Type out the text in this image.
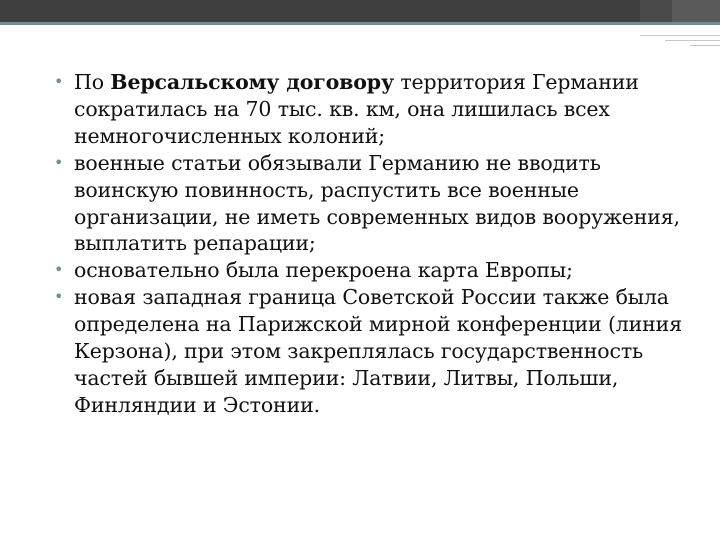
• По Версальскому договору территория Германии сократилась на 70 тыс. кв. км, она лишилась всех немногочисленных колоний;
• военные статьи обязывали Германию не вводить воинскую повинность, распустить все военные организации, не иметь современных видов вооружения, выплатить репарации;
• основательно была перекроена карта Европы;
• новая западная граница Советской России также была определена на Парижской мирной конференции (линия Керзона), при этом закреплялась государственность частей бывшей империи: Латвии, Литвы, Польши, Финляндии и Эстонии.
